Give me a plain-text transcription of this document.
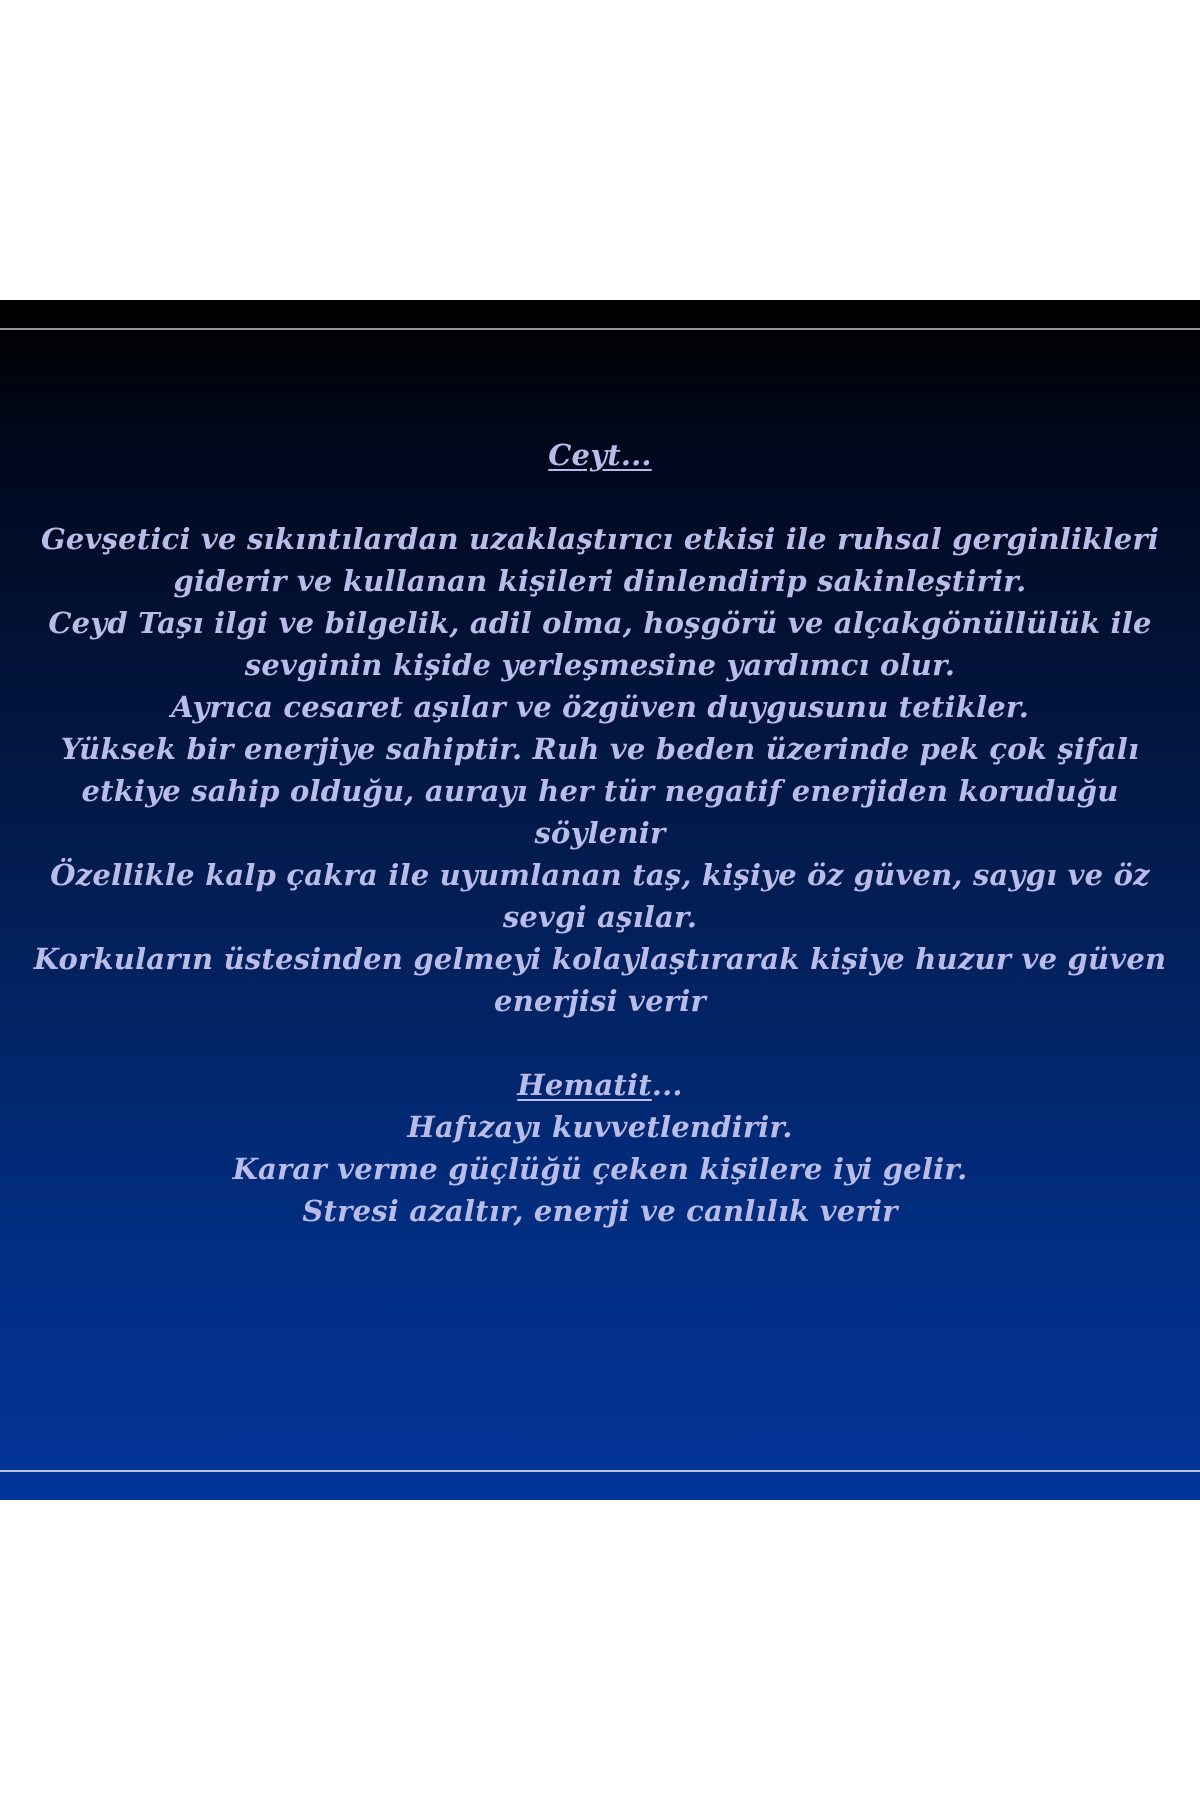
Ceyt...

Gevşetici ve sıkıntılardan uzaklaştırıcı etkisi ile ruhsal gerginlikleri giderir ve kullanan kişileri dinlendirip sakinleştirir.

Ceyd Taşı ilgi ve bilgelik, adil olma, hoşgörü ve alçakgönüllülük ile sevginin kişide yerleşmesine yardımcı olur.

Ayrıca cesaret aşılar ve özgüven duygusunu tetikler.

Yüksek bir enerjiye sahiptir. Ruh ve beden üzerinde pek çok şifalı etkiye sahip olduğu, aurayı her tür negatif enerjiden koruduğu söylenir

Özellikle kalp çakra ile uyumlanan taş, kişiye öz güven, saygı ve öz sevgi aşılar.

Korkuların üstesinden gelmeyi kolaylaştırarak kişiye huzur ve güven enerjisi verir

Hematit...

Hafızayı kuvvetlendirir.

Karar verme güçlüğü çeken kişilere iyi gelir.

Stresi azaltır, enerji ve canlılık verir
